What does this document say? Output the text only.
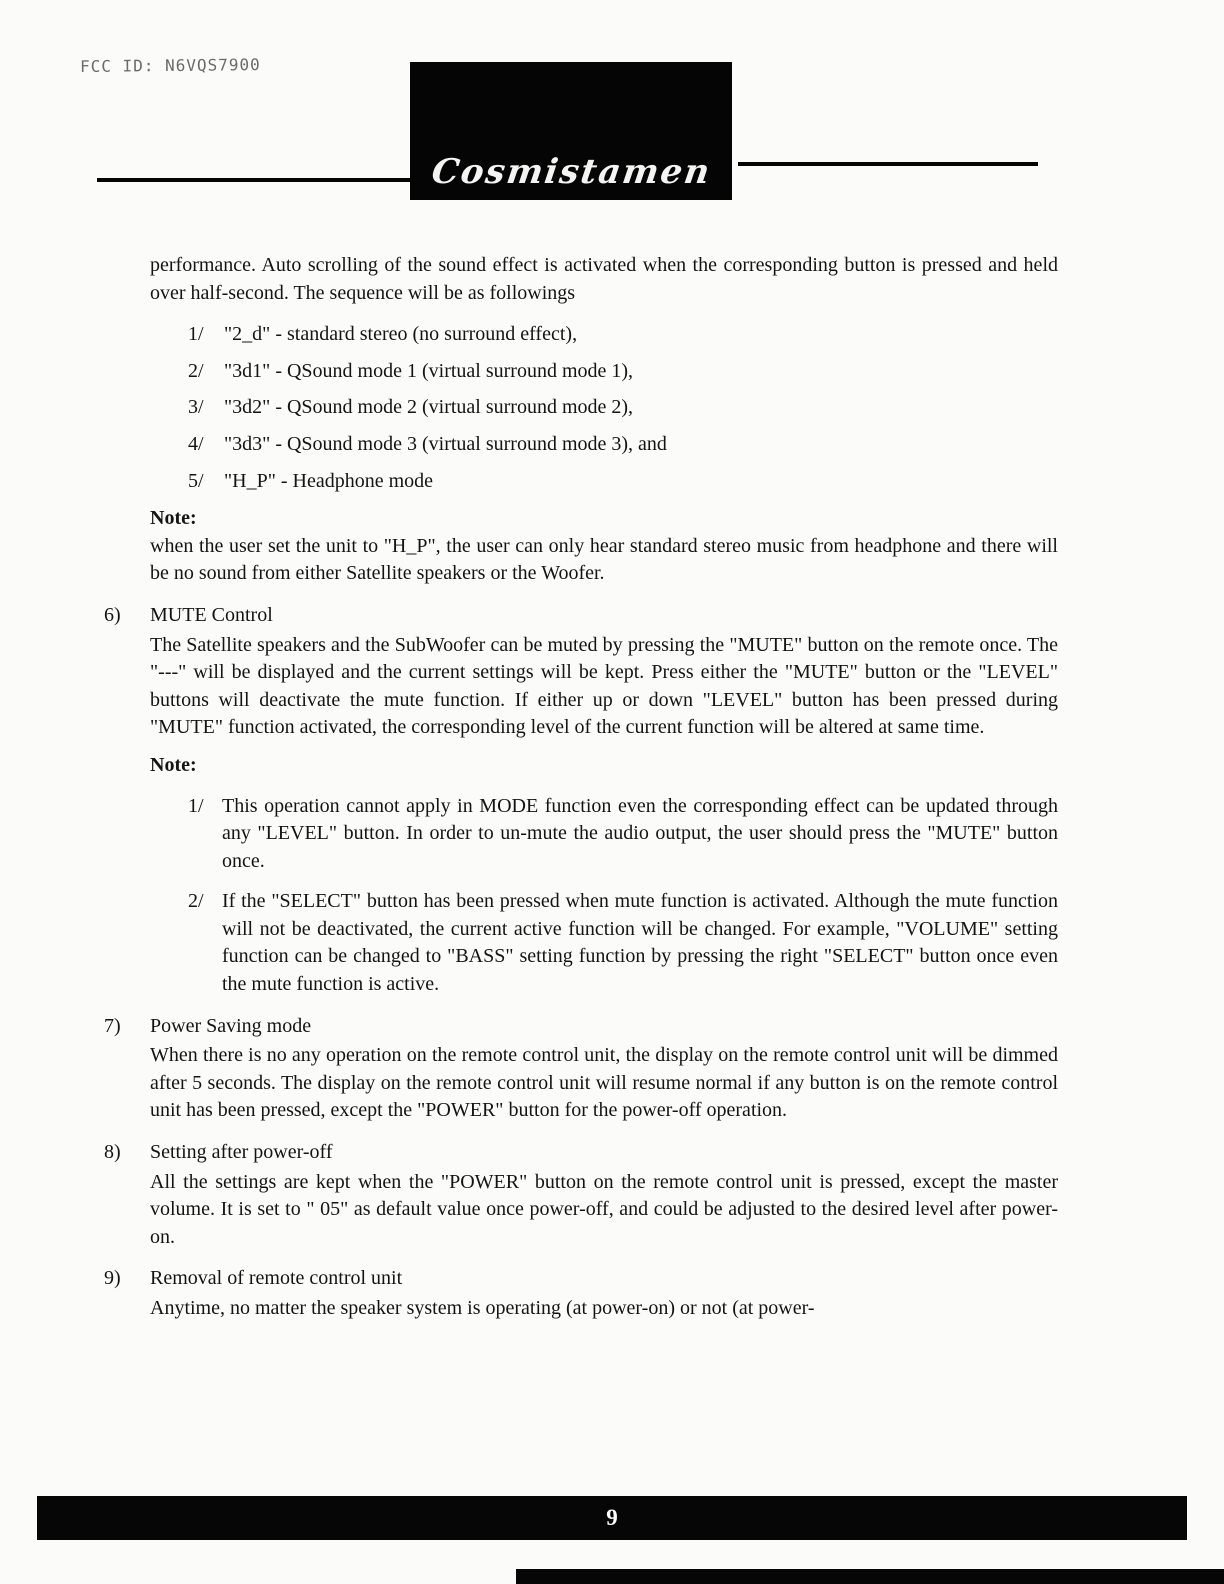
FCC ID: N6VQS7900
Cosmistamen

performance. Auto scrolling of the sound effect is activated when the corresponding button is pressed and held over half-second. The sequence will be as followings

1/	"2_d" - standard stereo (no surround effect),
2/	"3d1" - QSound mode 1 (virtual surround mode 1),
3/	"3d2" - QSound mode 2 (virtual surround mode 2),
4/	"3d3" - QSound mode 3 (virtual surround mode 3), and
5/	"H_P" - Headphone mode
Note:

when the user set the unit to "H_P", the user can only hear standard stereo music from headphone and there will be no sound from either Satellite speakers or the Woofer.

6) MUTE Control

The Satellite speakers and the SubWoofer can be muted by pressing the "MUTE" button on the remote once. The "---" will be displayed and the current settings will be kept. Press either the "MUTE" button or the "LEVEL" buttons will deactivate the mute function. If either up or down "LEVEL" button has been pressed during "MUTE" function activated, the corresponding level of the current function will be altered at same time.

Note:
1/ This operation cannot apply in MODE function even the corresponding effect can be updated through any "LEVEL" button. In order to un-mute the audio output, the user should press the "MUTE" button once.
2/ If the "SELECT" button has been pressed when mute function is activated. Although the mute function will not be deactivated, the current active function will be changed. For example, "VOLUME" setting function can be changed to "BASS" setting function by pressing the right "SELECT" button once even the mute function is active.
7) Power Saving mode

When there is no any operation on the remote control unit, the display on the remote control unit will be dimmed after 5 seconds. The display on the remote control unit will resume normal if any button is on the remote control unit has been pressed, except the "POWER" button for the power-off operation.

8) Setting after power-off

All the settings are kept when the "POWER" button on the remote control unit is pressed, except the master volume. It is set to " 05" as default value once power-off, and could be adjusted to the desired level after power-on.

9) Removal of remote control unit

Anytime, no matter the speaker system is operating (at power-on) or not (at power-

9
